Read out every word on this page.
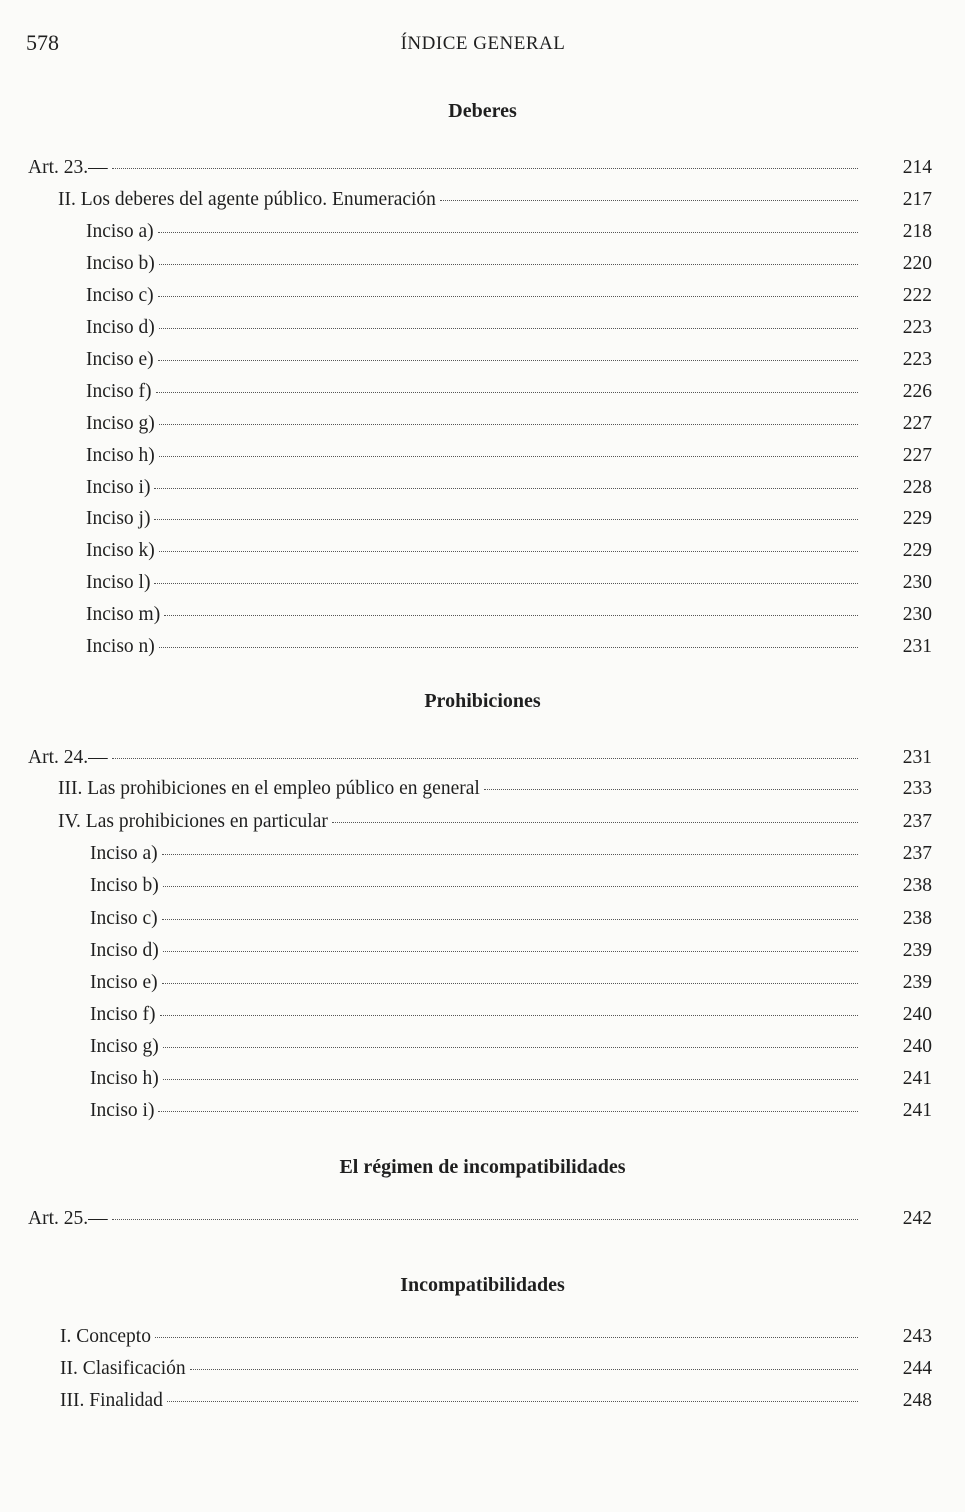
578	ÍNDICE GENERAL
Deberes
Art. 23.—	214
II. Los deberes del agente público. Enumeración	217
Inciso a)	218
Inciso b)	220
Inciso c)	222
Inciso d)	223
Inciso e)	223
Inciso f)	226
Inciso g)	227
Inciso h)	227
Inciso i)	228
Inciso j)	229
Inciso k)	229
Inciso l)	230
Inciso m)	230
Inciso n)	231
Prohibiciones
Art. 24.—	231
III. Las prohibiciones en el empleo público en general	233
IV. Las prohibiciones en particular	237
Inciso a)	237
Inciso b)	238
Inciso c)	238
Inciso d)	239
Inciso e)	239
Inciso f)	240
Inciso g)	240
Inciso h)	241
Inciso i)	241
El régimen de incompatibilidades
Art. 25.—	242
Incompatibilidades
I. Concepto	243
II. Clasificación	244
III. Finalidad	248
